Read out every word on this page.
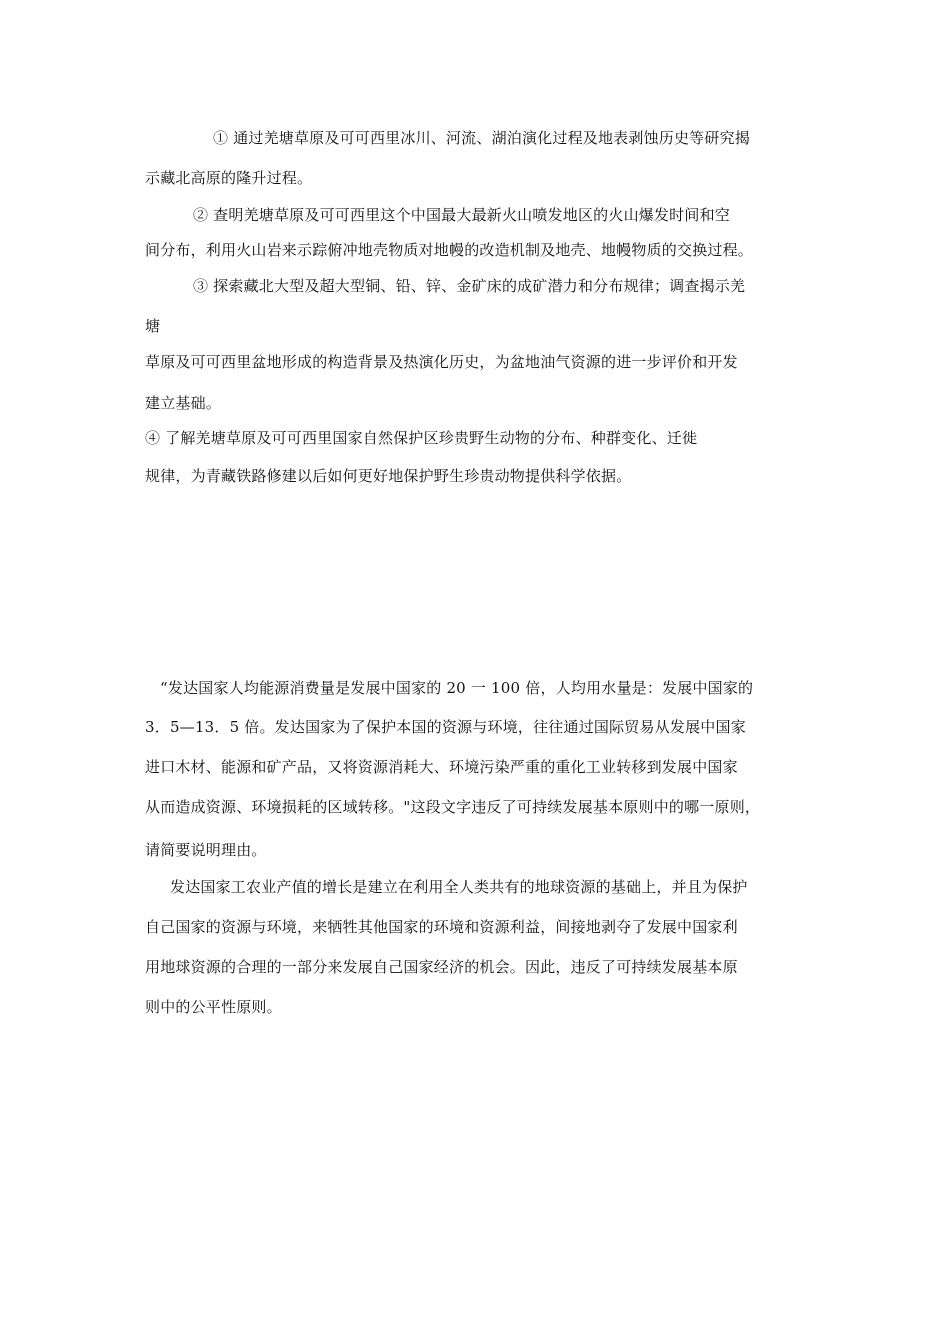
① 通过羌塘草原及可可西里冰川、河流、湖泊演化过程及地表剥蚀历史等研究揭
示藏北高原的隆升过程。
② 查明羌塘草原及可可西里这个中国最大最新火山喷发地区的火山爆发时间和空
间分布，利用火山岩来示踪俯冲地壳物质对地幔的改造机制及地壳、地幔物质的交换过程。
③ 探索藏北大型及超大型铜、铅、锌、金矿床的成矿潜力和分布规律；调查揭示羌
塘
草原及可可西里盆地形成的构造背景及热演化历史，为盆地油气资源的进一步评价和开发
建立基础。
④ 了解羌塘草原及可可西里国家自然保护区珍贵野生动物的分布、种群变化、迁徙
规律，为青藏铁路修建以后如何更好地保护野生珍贵动物提供科学依据。
“发达国家人均能源消费量是发展中国家的 20 一 100 倍，人均用水量是：发展中国家的
3．5—13．5 倍。发达国家为了保护本国的资源与环境，往往通过国际贸易从发展中国家
进口木材、能源和矿产品，又将资源消耗大、环境污染严重的重化工业转移到发展中国家
从而造成资源、环境损耗的区域转移。"这段文字违反了可持续发展基本原则中的哪一原则，
请简要说明理由。
发达国家工农业产值的增长是建立在利用全人类共有的地球资源的基础上，并且为保护
自己国家的资源与环境，来牺牲其他国家的环境和资源利益，间接地剥夺了发展中国家利
用地球资源的合理的一部分来发展自己国家经济的机会。因此，违反了可持续发展基本原
则中的公平性原则。
